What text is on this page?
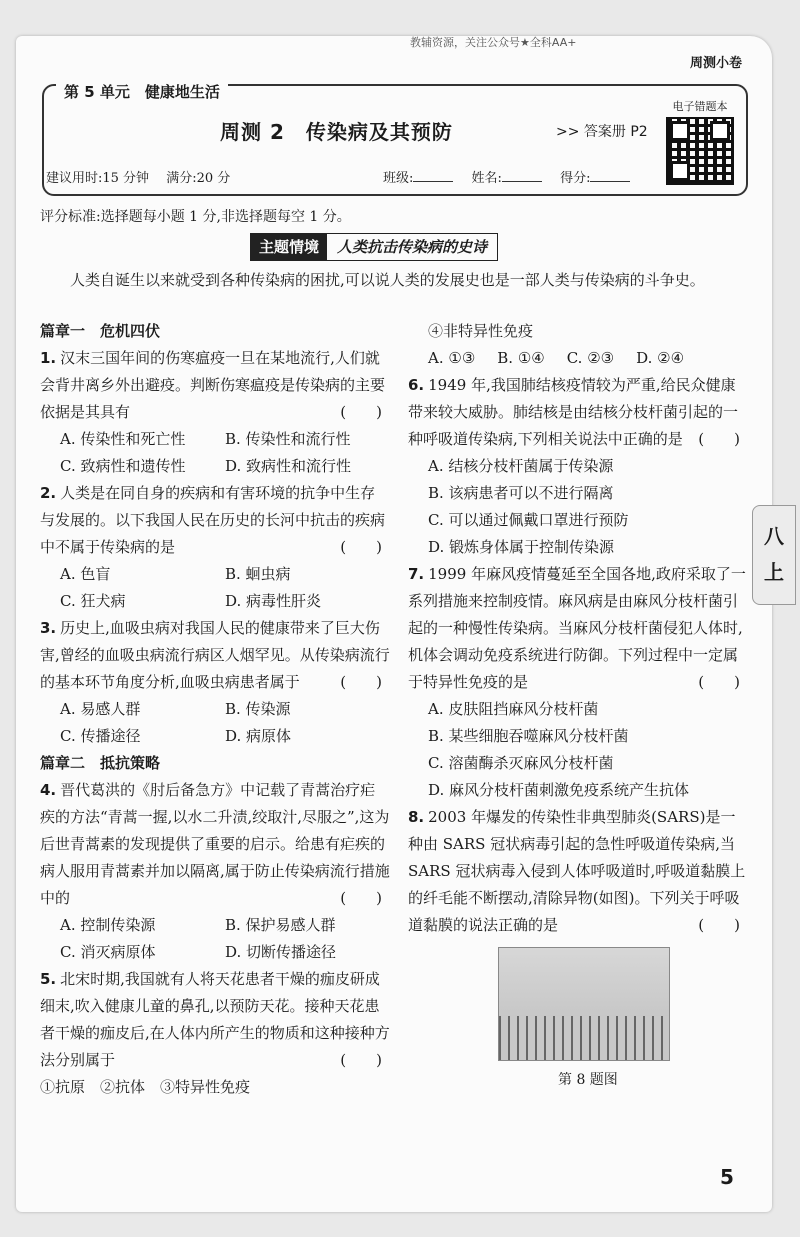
教辅资源，关注公众号★全科AA+
周测小卷
第 5 单元　健康地生活
周测 2　传染病及其预防	>> 答案册 P2
电子错题本
建议用时:15 分钟　 满分:20 分	班级:	姓名:	得分:
评分标准:选择题每小题 1 分,非选择题每空 1 分。
主题情境	人类抗击传染病的史诗
人类自诞生以来就受到各种传染病的困扰,可以说人类的发展史也是一部人类与传染病的斗争史。
篇章一　危机四伏
1. 汉末三国年间的伤寒瘟疫一旦在某地流行,人们就会背井离乡外出避疫。判断伤寒瘟疫是传染病的主要依据是其具有	(　　)
A. 传染性和死亡性	B. 传染性和流行性
C. 致病性和遗传性	D. 致病性和流行性
2. 人类是在同自身的疾病和有害环境的抗争中生存与发展的。以下我国人民在历史的长河中抗击的疾病中不属于传染病的是	(　　)
A. 色盲	B. 蛔虫病
C. 狂犬病	D. 病毒性肝炎
3. 历史上,血吸虫病对我国人民的健康带来了巨大伤害,曾经的血吸虫病流行病区人烟罕见。从传染病流行的基本环节角度分析,血吸虫病患者属于	(　　)
A. 易感人群	B. 传染源
C. 传播途径	D. 病原体
篇章二　抵抗策略
4. 晋代葛洪的《肘后备急方》中记载了青蒿治疗疟疾的方法“青蒿一握,以水二升渍,绞取汁,尽服之”,这为后世青蒿素的发现提供了重要的启示。给患有疟疾的病人服用青蒿素并加以隔离,属于防止传染病流行措施中的	(　　)
A. 控制传染源	B. 保护易感人群
C. 消灭病原体	D. 切断传播途径
5. 北宋时期,我国就有人将天花患者干燥的痂皮研成细末,吹入健康儿童的鼻孔,以预防天花。接种天花患者干燥的痂皮后,在人体内所产生的物质和这种接种方法分别属于	(　　)
①抗原　②抗体　③特异性免疫
④非特异性免疫
A. ①③ B. ①④ C. ②③ D. ②④
6. 1949 年,我国肺结核疫情较为严重,给民众健康带来较大威胁。肺结核是由结核分枝杆菌引起的一种呼吸道传染病,下列相关说法中正确的是 (　　)
A. 结核分枝杆菌属于传染源
B. 该病患者可以不进行隔离
C. 可以通过佩戴口罩进行预防
D. 锻炼身体属于控制传染源
7. 1999 年麻风疫情蔓延至全国各地,政府采取了一系列措施来控制疫情。麻风病是由麻风分枝杆菌引起的一种慢性传染病。当麻风分枝杆菌侵犯人体时,机体会调动免疫系统进行防御。下列过程中一定属于特异性免疫的是	(　　)
A. 皮肤阻挡麻风分枝杆菌
B. 某些细胞吞噬麻风分枝杆菌
C. 溶菌酶杀灭麻风分枝杆菌
D. 麻风分枝杆菌刺激免疫系统产生抗体
8. 2003 年爆发的传染性非典型肺炎(SARS)是一种由 SARS 冠状病毒引起的急性呼吸道传染病,当 SARS 冠状病毒入侵到人体呼吸道时,呼吸道黏膜上的纤毛能不断摆动,清除异物(如图)。下列关于呼吸道黏膜的说法正确的是	(　　)
第 8 题图
八
上
5
